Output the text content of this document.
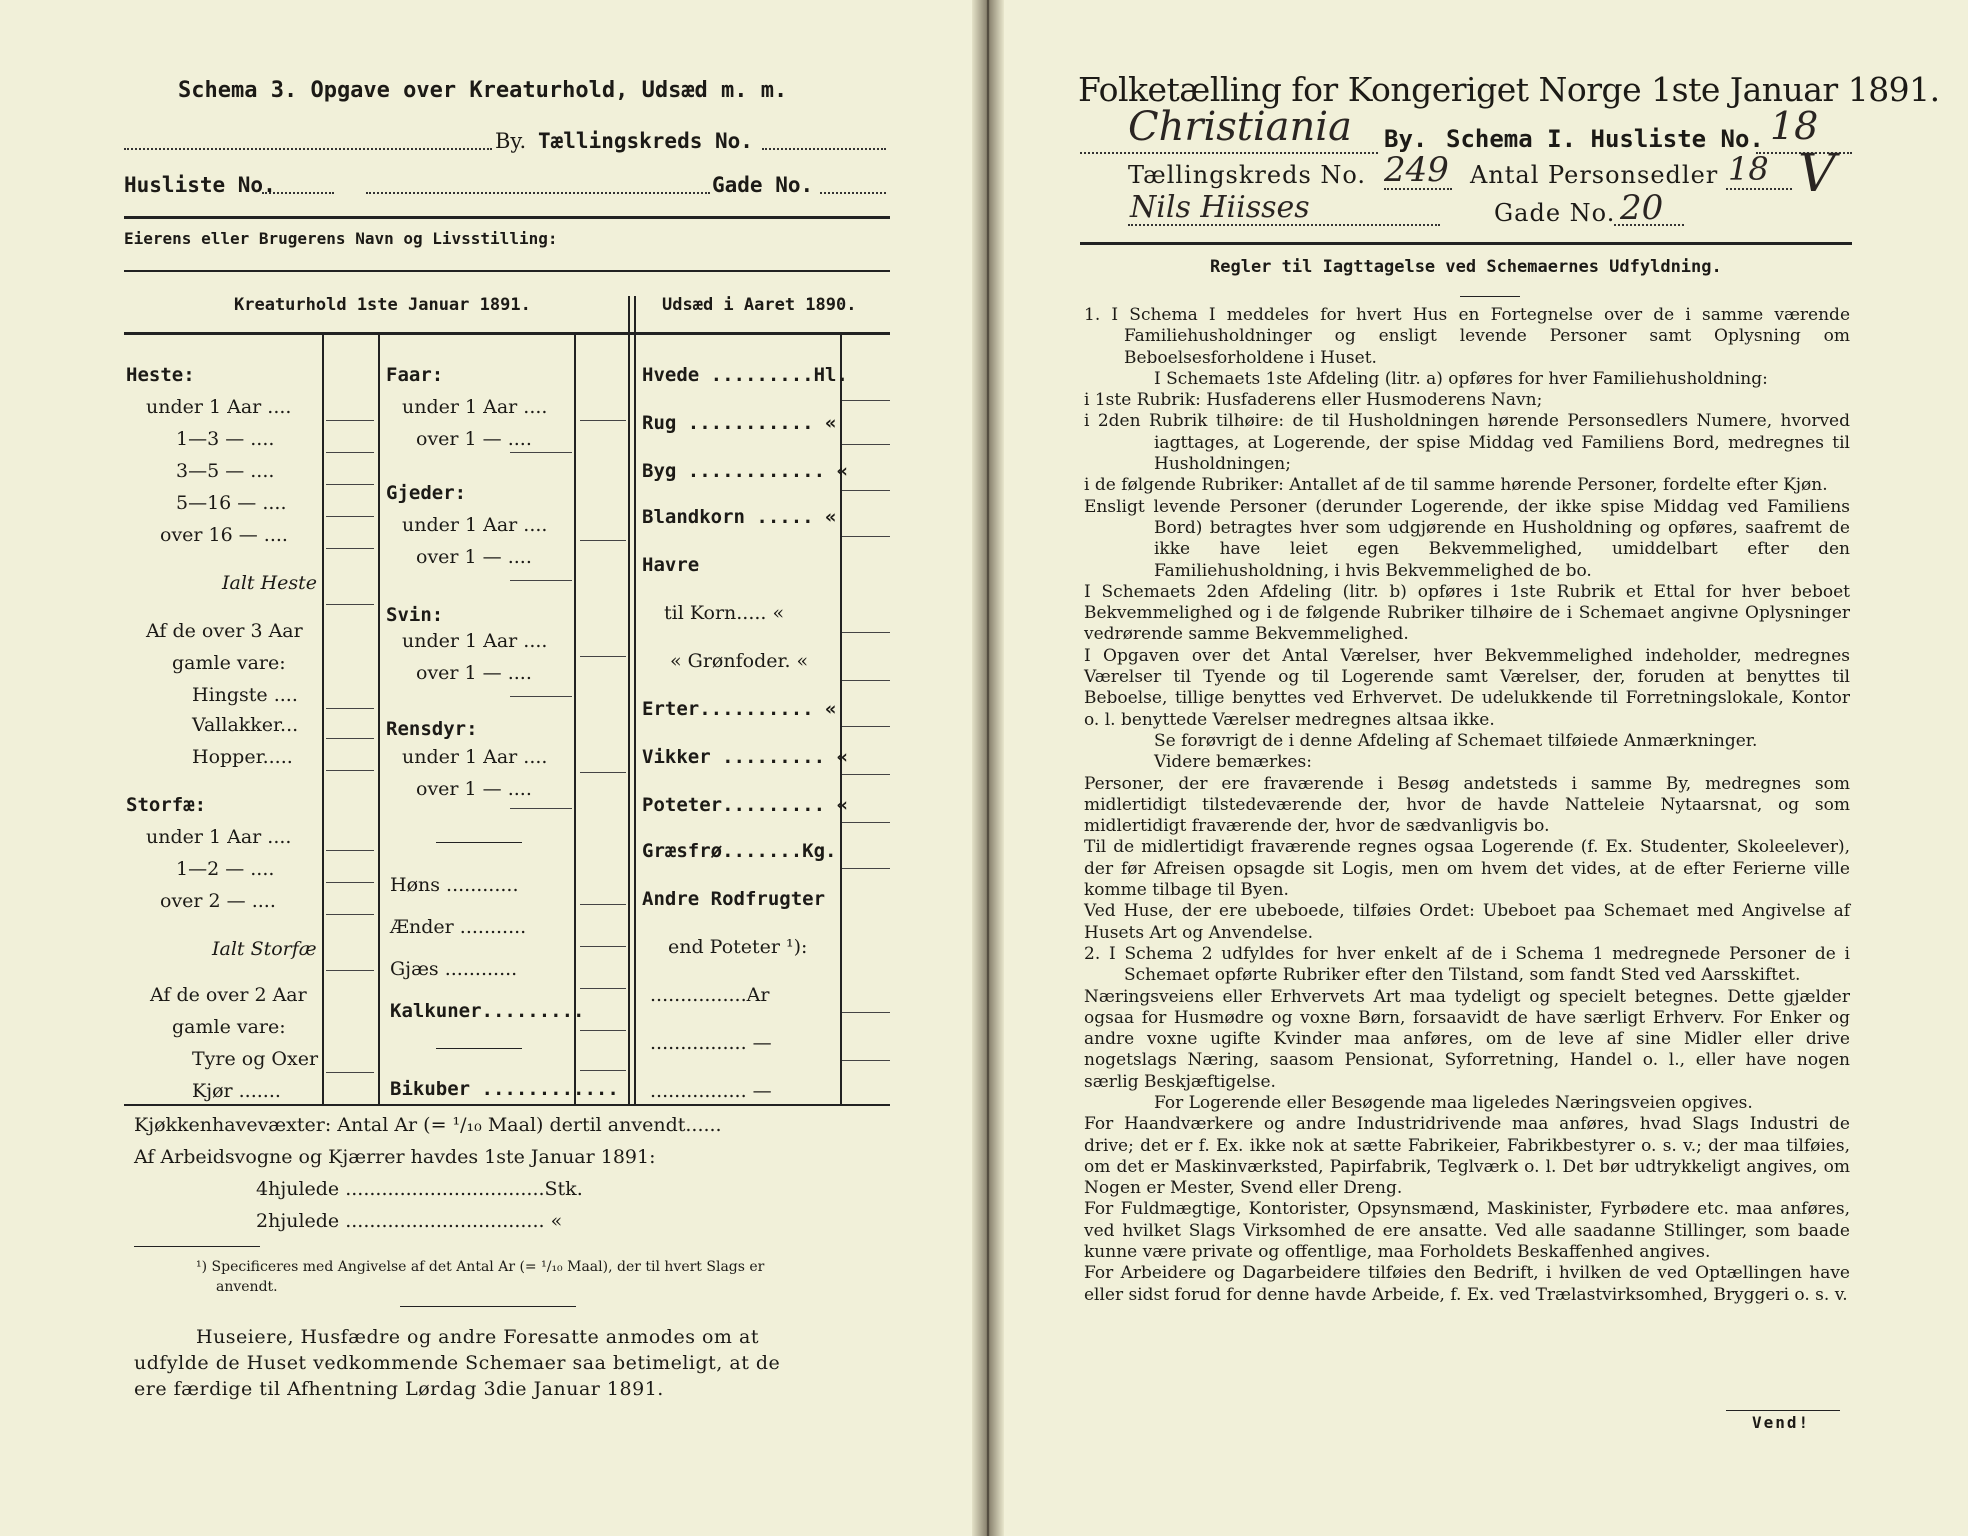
Schema 3. Opgave over Kreaturhold, Udsæd m. m.
By. Tællingskreds No.
Husliste No.	Gade No.
Eierens eller Brugerens Navn og Livsstilling:
Kreaturhold 1ste Januar 1891.	Udsæd i Aaret 1890.
Heste:
under 1 Aar ....
1—3 — ....
3—5 — ....
5—16 — ....
over 16 — ....
Ialt Heste
Af de over 3 Aar
gamle vare:
Hingste ....
Vallakker...
Hopper.....
Storfæ:
under 1 Aar ....
1—2 — ....
over 2 — ....
Ialt Storfæ
Af de over 2 Aar
gamle vare:
Tyre og Oxer
Kjør .......
Faar:
under 1 Aar ....
over 1 — ....
Gjeder:
under 1 Aar ....
over 1 — ....
Svin:
under 1 Aar ....
over 1 — ....
Rensdyr:
under 1 Aar ....
over 1 — ....
Høns ............
Ænder ...........
Gjæs ............
Kalkuner.........
Bikuber ............
Hvede .........Hl.
Rug ........... «
Byg ............ «
Blandkorn ..... «
Havre
til Korn..... «
« Grønfoder. «
Erter.......... «
Vikker ......... «
Poteter......... «
Græsfrø.......Kg.
Andre Rodfrugter
end Poteter ¹):
................Ar
................ —
................ —
Kjøkkenhavevæxter: Antal Ar (= ¹/₁₀ Maal) dertil anvendt......
Af Arbeidsvogne og Kjærrer havdes 1ste Januar 1891:
4hjulede .................................Stk.
2hjulede ................................. «
¹) Specificeres med Angivelse af det Antal Ar (= ¹/₁₀ Maal), der til hvert Slags er
anvendt.
Huseiere, Husfædre og andre Foresatte anmodes om at
udfylde de Huset vedkommende Schemaer saa betimeligt, at de
ere færdige til Afhentning Lørdag 3die Januar 1891.
Folketælling for Kongeriget Norge 1ste Januar 1891.
Christiania By. Schema I. Husliste No. 18
Tællingskreds No. 249 Antal Personsedler 18 V
Nils Hiisses	Gade No. 20
Regler til Iagttagelse ved Schemaernes Udfyldning.

1. I Schema I meddeles for hvert Hus en Fortegnelse over de i samme værende Familiehusholdninger og ensligt levende Personer samt Oplysning om Beboelsesforholdene i Huset.

I Schemaets 1ste Afdeling (litr. a) opføres for hver Familiehusholdning:

i 1ste Rubrik: Husfaderens eller Husmoderens Navn;

i 2den Rubrik tilhøire: de til Husholdningen hørende Personsedlers Numere, hvorved iagttages, at Logerende, der spise Middag ved Familiens Bord, medregnes til Husholdningen;

i de følgende Rubriker: Antallet af de til samme hørende Personer, fordelte efter Kjøn.

Ensligt levende Personer (derunder Logerende, der ikke spise Middag ved Familiens Bord) betragtes hver som udgjørende en Husholdning og opføres, saafremt de ikke have leiet egen Bekvemmelighed, umiddelbart efter den Familiehusholdning, i hvis Bekvemmelighed de bo.

I Schemaets 2den Afdeling (litr. b) opføres i 1ste Rubrik et Ettal for hver beboet Bekvemmelighed og i de følgende Rubriker tilhøire de i Schemaet angivne Oplysninger vedrørende samme Bekvemmelighed.

I Opgaven over det Antal Værelser, hver Bekvemmelighed indeholder, medregnes Værelser til Tyende og til Logerende samt Værelser, der, foruden at benyttes til Beboelse, tillige benyttes ved Erhvervet. De udelukkende til Forretningslokale, Kontor o. l. benyttede Værelser medregnes altsaa ikke.

Se forøvrigt de i denne Afdeling af Schemaet tilføiede Anmærkninger.

Videre bemærkes:

Personer, der ere fraværende i Besøg andetsteds i samme By, medregnes som midlertidigt tilstedeværende der, hvor de havde Natteleie Nytaarsnat, og som midlertidigt fraværende der, hvor de sædvanligvis bo.

Til de midlertidigt fraværende regnes ogsaa Logerende (f. Ex. Studenter, Skoleelever), der før Afreisen opsagde sit Logis, men om hvem det vides, at de efter Ferierne ville komme tilbage til Byen.

Ved Huse, der ere ubeboede, tilføies Ordet: Ubeboet paa Schemaet med Angivelse af Husets Art og Anvendelse.

2. I Schema 2 udfyldes for hver enkelt af de i Schema 1 medregnede Personer de i Schemaet opførte Rubriker efter den Tilstand, som fandt Sted ved Aarsskiftet.

Næringsveiens eller Erhvervets Art maa tydeligt og specielt betegnes. Dette gjælder ogsaa for Husmødre og voxne Børn, forsaavidt de have særligt Erhverv. For Enker og andre voxne ugifte Kvinder maa anføres, om de leve af sine Midler eller drive nogetslags Næring, saasom Pensionat, Syforretning, Handel o. l., eller have nogen særlig Beskjæftigelse.

For Logerende eller Besøgende maa ligeledes Næringsveien opgives.

For Haandværkere og andre Industridrivende maa anføres, hvad Slags Industri de drive; det er f. Ex. ikke nok at sætte Fabrikeier, Fabrikbestyrer o. s. v.; der maa tilføies, om det er Maskinværksted, Papirfabrik, Teglværk o. l. Det bør udtrykkeligt angives, om Nogen er Mester, Svend eller Dreng.

For Fuldmægtige, Kontorister, Opsynsmænd, Maskinister, Fyrbødere etc. maa anføres, ved hvilket Slags Virksomhed de ere ansatte. Ved alle saadanne Stillinger, som baade kunne være private og offentlige, maa Forholdets Beskaffenhed angives.

For Arbeidere og Dagarbeidere tilføies den Bedrift, i hvilken de ved Optællingen have eller sidst forud for denne havde Arbeide, f. Ex. ved Trælastvirksomhed, Bryggeri o. s. v.

Vend!
